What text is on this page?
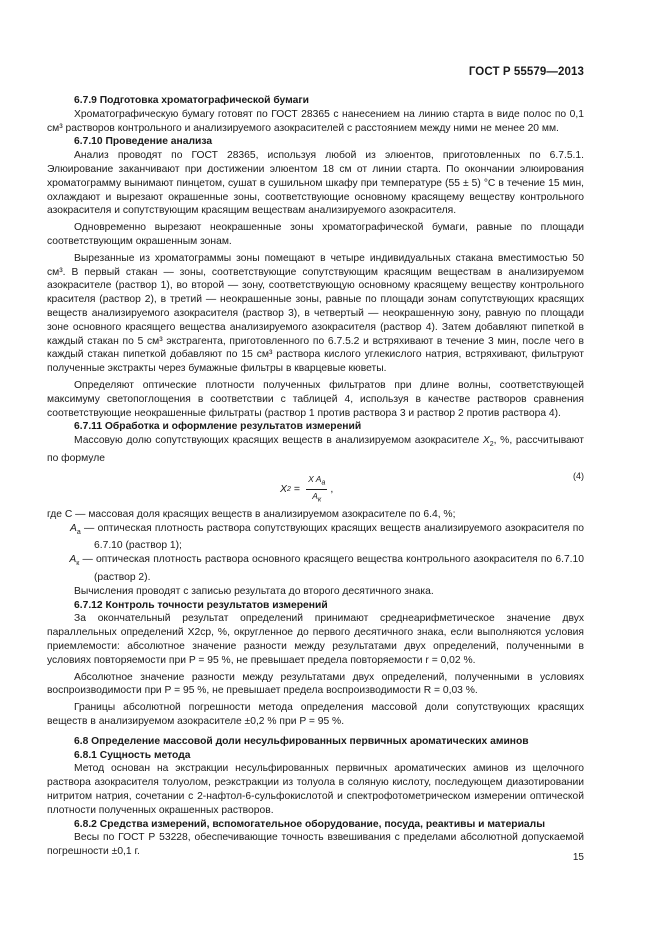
ГОСТ Р 55579—2013

6.7.9 Подготовка хроматографической бумаги

Хроматографическую бумагу готовят по ГОСТ 28365 с нанесением на линию старта в виде полос по 0,1 см³ растворов контрольного и анализируемого азокрасителей с расстоянием между ними не менее 20 мм.

6.7.10 Проведение анализа

Анализ проводят по ГОСТ 28365, используя любой из элюентов, приготовленных по 6.7.5.1. Элюирование заканчивают при достижении элюентом 18 см от линии старта. По окончании элюирования хроматограмму вынимают пинцетом, сушат в сушильном шкафу при температуре (55 ± 5) °С в течение 15 мин, охлаждают и вырезают окрашенные зоны, соответствующие основному красящему веществу контрольного азокрасителя и сопутствующим красящим веществам анализируемого азокрасителя.

Одновременно вырезают неокрашенные зоны хроматографической бумаги, равные по площади соответствующим окрашенным зонам.

Вырезанные из хроматограммы зоны помещают в четыре индивидуальных стакана вместимостью 50 см³. В первый стакан — зоны, соответствующие сопутствующим красящим веществам в анализируемом азокрасителе (раствор 1), во второй — зону, соответствующую основному красящему веществу контрольного красителя (раствор 2), в третий — неокрашенные зоны, равные по площади зонам сопутствующих красящих веществ анализируемого азокрасителя (раствор 3), в четвертый — неокрашенную зону, равную по площади зоне основного красящего вещества анализируемого азокрасителя (раствор 4). Затем добавляют пипеткой в каждый стакан по 5 см³ экстрагента, приготовленного по 6.7.5.2 и встряхивают в течение 3 мин, после чего в каждый стакан пипеткой добавляют по 15 см³ раствора кислого углекислого натрия, встряхивают, фильтруют полученные экстракты через бумажные фильтры в кварцевые кюветы.

Определяют оптические плотности полученных фильтратов при длине волны, соответствующей максимуму светопоглощения в соответствии с таблицей 4, используя в качестве растворов сравнения соответствующие неокрашенные фильтраты (раствор 1 против раствора 3 и раствор 2 против раствора 4).

6.7.11 Обработка и оформление результатов измерений

Массовую долю сопутствующих красящих веществ в анализируемом азокрасителе $X_2$, %, рассчитывают по формуле

X $2 = \frac{X A_a}{A_к}$ ,
(4)

где C — массовая доля красящих веществ в анализируемом азокрасителе по 6.4, %;

$A_a$ — оптическая плотность раствора сопутствующих красящих веществ анализируемого азокрасителя по 6.7.10 (раствор 1);

$A_к$ — оптическая плотность раствора основного красящего вещества контрольного азокрасителя по 6.7.10 (раствор 2).

Вычисления проводят с записью результата до второго десятичного знака.

6.7.12 Контроль точности результатов измерений

За окончательный результат определений принимают среднеарифметическое значение двух параллельных определений X2ср, %, округленное до первого десятичного знака, если выполняются условия приемлемости: абсолютное значение разности между результатами двух определений, полученными в условиях повторяемости при P = 95 %, не превышает предела повторяемости r = 0,02 %.

Абсолютное значение разности между результатами двух определений, полученными в условиях воспроизводимости при P = 95 %, не превышает предела воспроизводимости R = 0,03 %.

Границы абсолютной погрешности метода определения массовой доли сопутствующих красящих веществ в анализируемом азокрасителе ±0,2 % при P = 95 %.

6.8 Определение массовой доли несульфированных первичных ароматических аминов

6.8.1 Сущность метода

Метод основан на экстракции несульфированных первичных ароматических аминов из щелочного раствора азокрасителя толуолом, реэкстракции из толуола в соляную кислоту, последующем диазотировании нитритом натрия, сочетании с 2-нафтол-6-сульфокислотой и спектрофотометрическом измерении оптической плотности полученных окрашенных растворов.

6.8.2 Средства измерений, вспомогательное оборудование, посуда, реактивы и материалы

Весы по ГОСТ Р 53228, обеспечивающие точность взвешивания с пределами абсолютной допускаемой погрешности ±0,1 г.

15
